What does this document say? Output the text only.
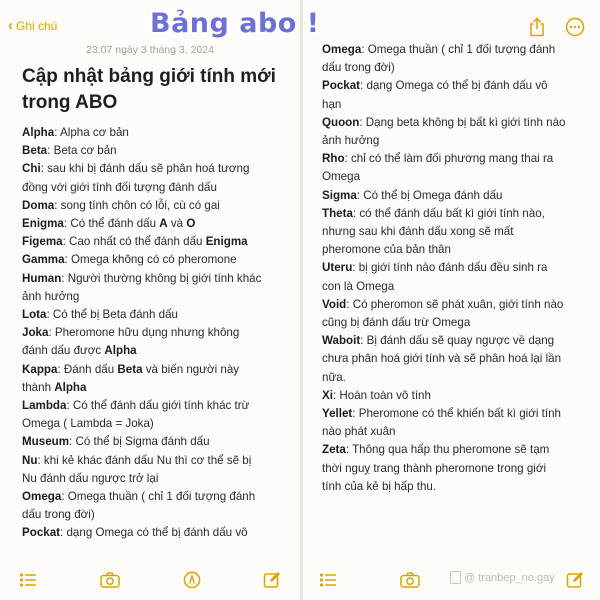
‹ Ghi chú
23:07 ngày 3 tháng 3, 2024
Cập nhật bảng giới tính mới
trong ABO
Alpha: Alpha cơ bản
Beta: Beta cơ bản
Chi: sau khi bị đánh dấu sẽ phân hoá tương
đồng với giới tính đối tượng đánh dấu
Doma: song tính chôn có lỗi, cù có gai
Enigma: Có thể đánh dấu A và O
Figema: Cao nhất có thể đánh dấu Enigma
Gamma: Omega không có có pheromone
Human: Người thường không bị giới tính khác
ảnh hưởng
Lota: Có thể bị Beta đánh dấu
Joka: Pheromone hữu dụng nhưng không
đánh dấu được Alpha
Kappa: Đánh dấu Beta và biến người này
thành Alpha
Lambda: Có thể đánh dấu giới tính khác trừ
Omega ( Lambda = Joka)
Museum: Có thể bị Sigma đánh dấu
Nu: khi kẻ khác đánh dấu Nu thì cơ thể sẽ bị
Nu đánh dấu ngược trở lại
Omega: Omega thuần ( chỉ 1 đối tượng đánh
dấu trong đời)
Pockat: dạng Omega có thể bị đánh dấu vô
Omega: Omega thuần ( chỉ 1 đối tượng đánh
dấu trong đời)
Pockat: dạng Omega có thể bị đánh dấu vô
hạn
Quoon: Dạng beta không bị bất kì giới tính nào
ảnh hưởng
Rho: chỉ có thể làm đối phương mang thai ra
Omega
Sigma: Có thể bị Omega đánh dấu
Theta: có thể đánh dấu bất kì giới tính nào,
nhưng sau khi đánh dấu xong sẽ mất
pheromone của bản thân
Uteru: bị giới tính nào đánh dấu đều sinh ra
con là Omega
Void: Có pheromon sẽ phát xuân, giới tính nào
cũng bị đánh dấu trừ Omega
Waboit: Bị đánh dấu sẽ quay ngược về dạng
chưa phân hoá giới tính và sẽ phân hoá lại lần
nữa.
Xi: Hoàn toàn vô tính
Yellet: Pheromone có thể khiến bất kì giới tính
nào phát xuân
Zeta: Thông qua hấp thu pheromone sẽ tạm
thời nguỵ trang thành pheromone trong giới
tính của kẻ bị hấp thu.
Bảng abo !
@ tranbep_no.gay
